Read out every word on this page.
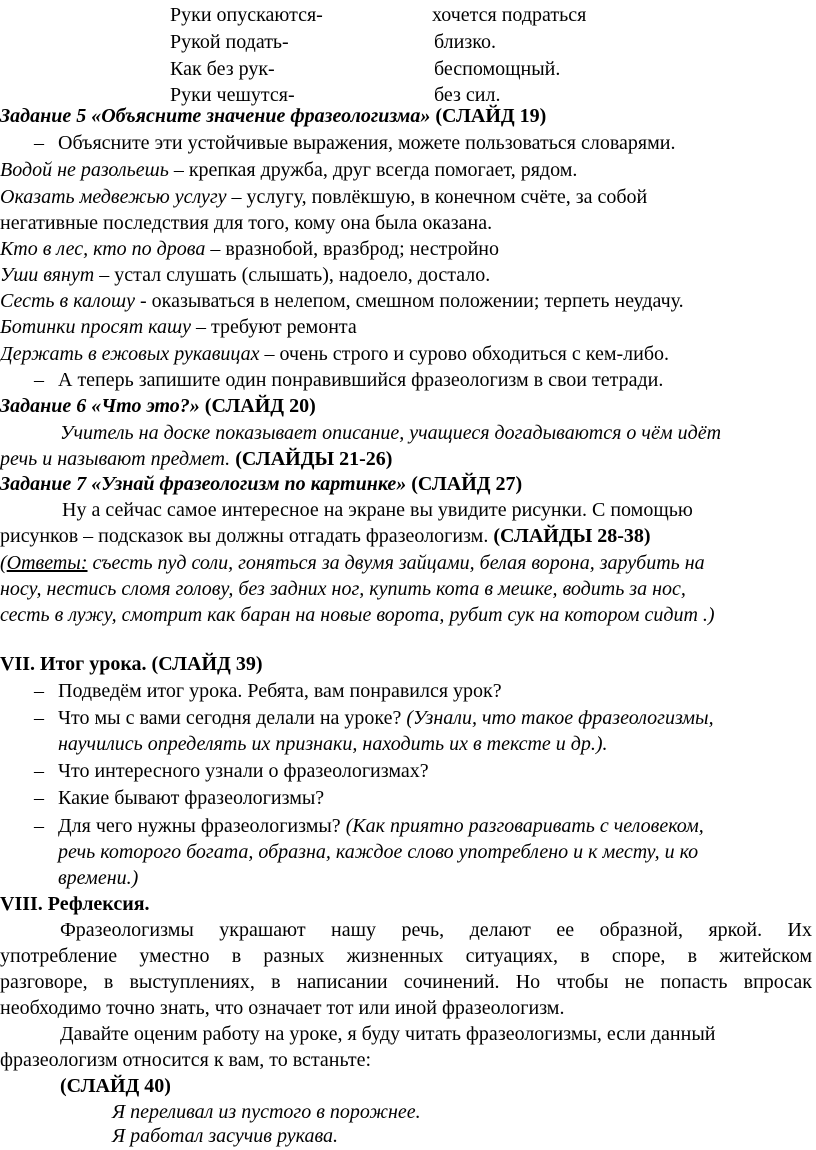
Руки опускаются-	хочется подраться
Рукой подать-	близко.
Как без рук-	беспомощный.
Руки чешутся-	без сил.
Задание 5 «Объясните значение фразеологизма» (СЛАЙД 19)
– Объясните эти устойчивые выражения, можете пользоваться словарями.
Водой не разольешь – крепкая дружба, друг всегда помогает, рядом.
Оказать медвежью услугу – услугу, повлёкшую, в конечном счёте, за собой
негативные последствия для того, кому она была оказана.
Кто в лес, кто по дрова – вразнобой, вразброд; нестройно
Уши вянут – устал слушать (слышать), надоело, достало.
Сесть в калошу - оказываться в нелепом, смешном положении; терпеть неудачу.
Ботинки просят кашу – требуют ремонта
Держать в ежовых рукавицах – очень строго и сурово обходиться с кем-либо.
– А теперь запишите один понравившийся фразеологизм в свои тетради.
Задание 6 «Что это?» (СЛАЙД 20)
Учитель на доске показывает описание, учащиеся догадываются о чём идёт
речь и называют предмет. (СЛАЙДЫ 21-26)
Задание 7 «Узнай фразеологизм по картинке» (СЛАЙД 27)
Ну а сейчас самое интересное на экране вы увидите рисунки. С помощью
рисунков – подсказок вы должны отгадать фразеологизм. (СЛАЙДЫ 28-38)
(Ответы: съесть пуд соли, гоняться за двумя зайцами, белая ворона, зарубить на
носу, нестись сломя голову, без задних ног, купить кота в мешке, водить за нос,
сесть в лужу, смотрит как баран на новые ворота, рубит сук на котором сидит .)
VII. Итог урока. (СЛАЙД 39)
– Подведём итог урока. Ребята, вам понравился урок?
– Что мы с вами сегодня делали на уроке? (Узнали, что такое фразеологизмы,
научились определять их признаки, находить их в тексте и др.).
– Что интересного узнали о фразеологизмах?
– Какие бывают фразеологизмы?
– Для чего нужны фразеологизмы? (Как приятно разговаривать с человеком,
речь которого богата, образна, каждое слово употреблено и к месту, и ко
времени.)
VIII. Рефлексия.
Фразеологизмы украшают нашу речь, делают ее образной, яркой. Их
употребление уместно в разных жизненных ситуациях, в споре, в житейском
разговоре, в выступлениях, в написании сочинений. Но чтобы не попасть впросак
необходимо точно знать, что означает тот или иной фразеологизм.
Давайте оценим работу на уроке, я буду читать фразеологизмы, если данный
фразеологизм относится к вам, то встаньте:
(СЛАЙД 40)
Я переливал из пустого в порожнее.
Я работал засучив рукава.
